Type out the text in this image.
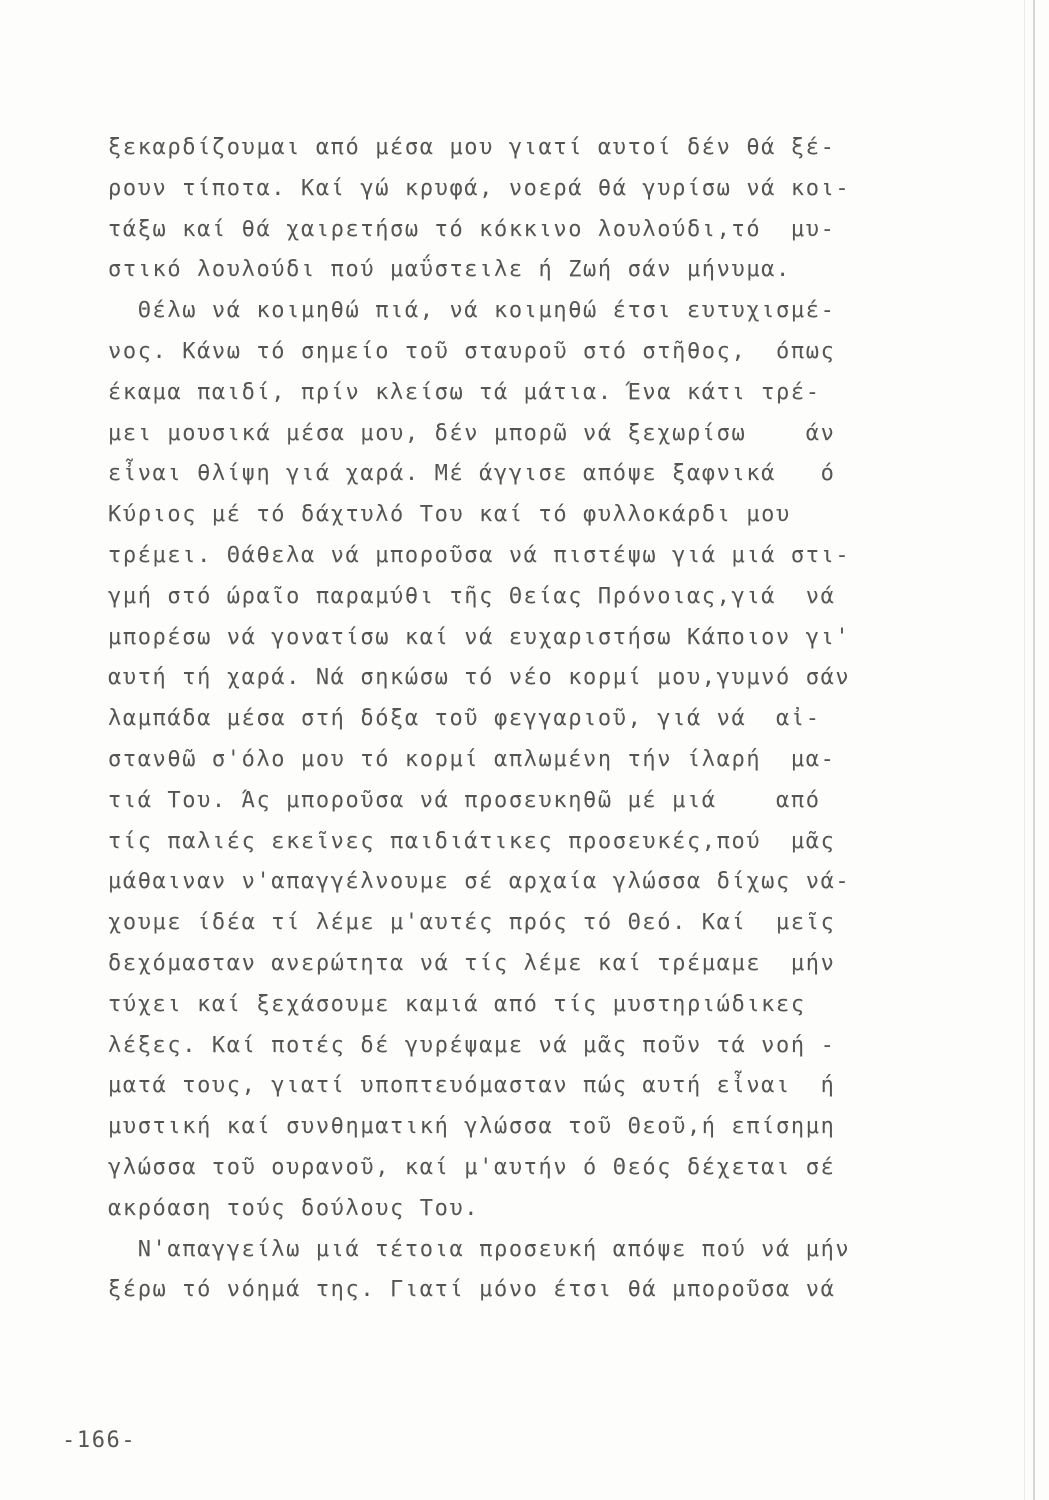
ξεκαρδίζουμαι από μέσα μου γιατί αυτοί δέν θά ξέ-
ρουν τίποτα. Καί γώ κρυφά, νοερά θά γυρίσω νά κοι-
τάξω καί θά χαιρετήσω τό κόκκινο λουλούδι,τό  μυ-
στικό λουλούδι πού μαΰστειλε ή Ζωή σάν μήνυμα.
Θέλω νά κοιμηθώ πιά, νά κοιμηθώ έτσι ευτυχισμέ-
νος. Κάνω τό σημείο τοῦ σταυροῦ στό στῆθος,  όπως
έκαμα παιδί, πρίν κλείσω τά μάτια. Ένα κάτι τρέ-
μει μουσικά μέσα μου, δέν μπορῶ νά ξεχωρίσω    άν
εἶναι θλίψη γιά χαρά. Μέ άγγισε απόψε ξαφνικά   ό
Κύριος μέ τό δάχτυλό Του καί τό φυλλοκάρδι μου
τρέμει. Θάθελα νά μποροῦσα νά πιστέψω γιά μιά στι-
γμή στό ώραῖο παραμύθι τῆς Θείας Πρόνοιας,γιά  νά
μπορέσω νά γονατίσω καί νά ευχαριστήσω Κάποιον γι'
αυτή τή χαρά. Νά σηκώσω τό νέο κορμί μου,γυμνό σάν
λαμπάδα μέσα στή δόξα τοῦ φεγγαριοῦ, γιά νά  αἰ-
στανθῶ σ'όλο μου τό κορμί απλωμένη τήν ίλαρή  μα-
τιά Του. Άς μποροῦσα νά προσευκηθῶ μέ μιά    από
τίς παλιές εκεῖνες παιδιάτικες προσευκές,πού  μᾶς
μάθαιναν ν'απαγγέλνουμε σέ αρχαία γλώσσα δίχως νά-
χουμε ίδέα τί λέμε μ'αυτές πρός τό Θεό. Καί  μεῖς
δεχόμασταν ανερώτητα νά τίς λέμε καί τρέμαμε  μήν
τύχει καί ξεχάσουμε καμιά από τίς μυστηριώδικες
λέξες. Καί ποτές δέ γυρέψαμε νά μᾶς ποῦν τά νοή -
ματά τους, γιατί υποπτευόμασταν πώς αυτή εἶναι  ή
μυστική καί συνθηματική γλώσσα τοῦ Θεοῦ,ή επίσημη
γλώσσα τοῦ ουρανοῦ, καί μ'αυτήν ό Θεός δέχεται σέ
ακρόαση τούς δούλους Του.
Ν'απαγγείλω μιά τέτοια προσευκή απόψε πού νά μήν
ξέρω τό νόημά της. Γιατί μόνο έτσι θά μποροῦσα νά
-166-
